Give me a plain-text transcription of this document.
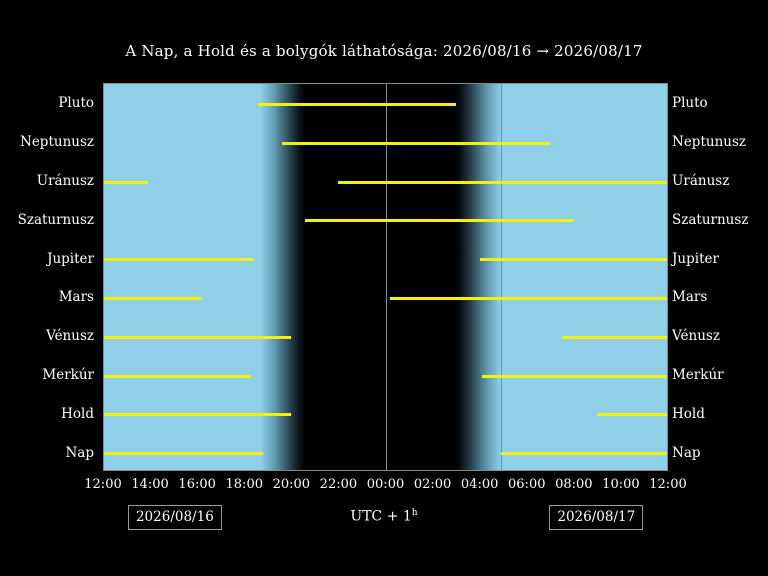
A Nap, a Hold és a bolygók láthatósága: 2026/08/16 → 2026/08/17
2026/08/16	2026/08/17
UTC + $1^h$
Pluto
Neptunusz
Uránusz
Szaturnusz
Jupiter
Mars
Vénusz
Merkúr
Hold
Nap
Pluto
Neptunusz
Uránusz
Szaturnusz
Jupiter
Mars
Vénusz
Merkúr
Hold
Nap
12:00 14:00 16:00 18:00 20:00 22:00 00:00 02:00 04:00 06:00 08:00 10:00 12:00
